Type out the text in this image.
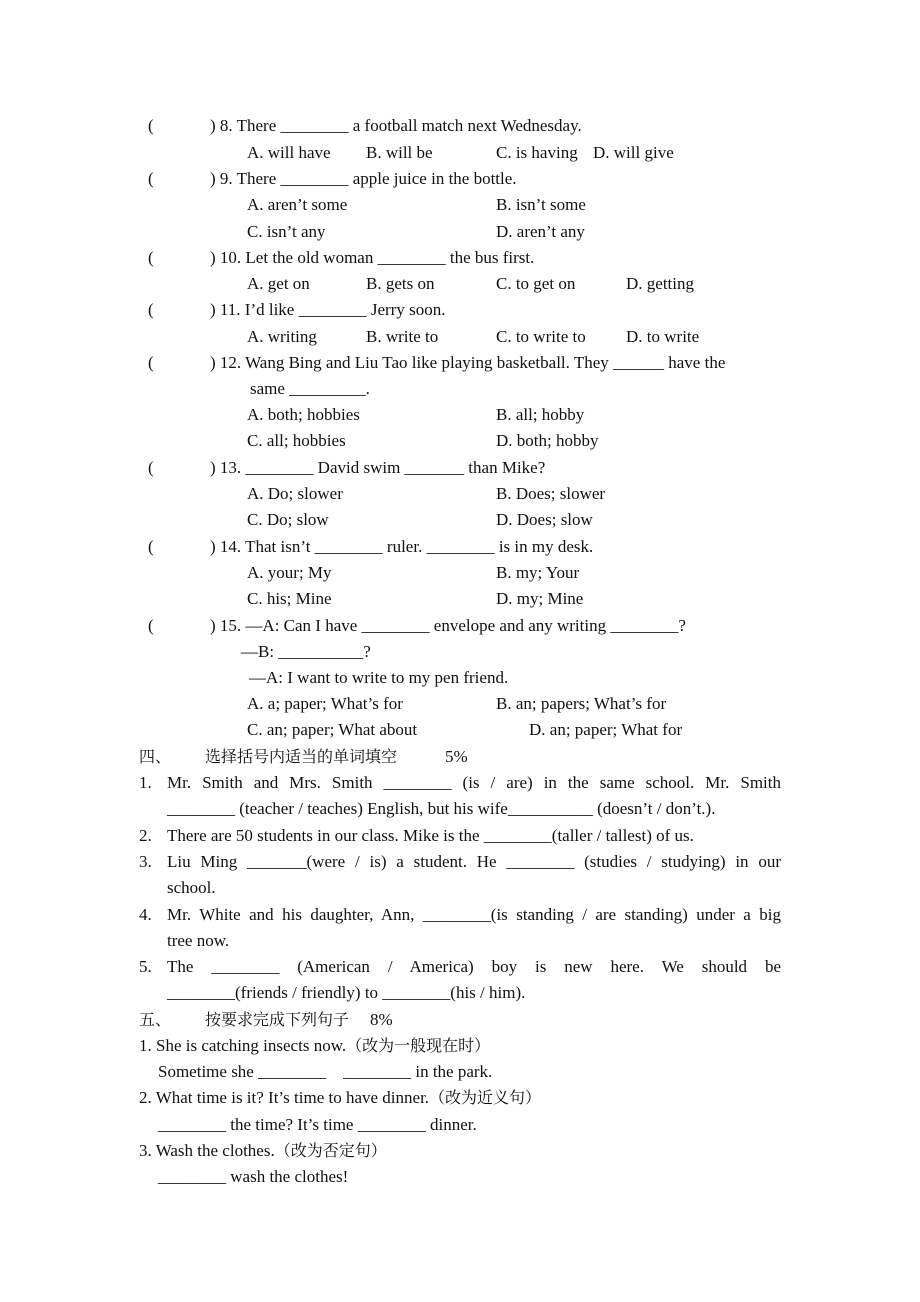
(	) 8. There ________ a football match next Wednesday.
A. will have B. will be	C. is having D. will give
(	) 9. There ________ apple juice in the bottle.
A. aren’t some	B. isn’t some
C. isn’t any	D. aren’t any
(	) 10. Let the old woman ________ the bus first.
A. get on	B. gets on	C. to get on	D. getting
(	) 11. I’d like ________ Jerry soon.
A. writing	B. write to	C. to write to D. to write
(	) 12. Wang Bing and Liu Tao like playing basketball. They ______ have the
same _________.
A. both; hobbies	B. all; hobby
C. all; hobbies	D. both; hobby
(	) 13. ________ David swim _______ than Mike?
A. Do; slower	B. Does; slower
C. Do; slow	D. Does; slow
(	) 14. That isn’t ________ ruler. ________ is in my desk.
A. your; My	B. my; Your
C. his; Mine	D. my; Mine
(	) 15. —A: Can I have ________ envelope and any writing ________?
—B: __________?
—A: I want to write to my pen friend.
A. a; paper; What’s for	B. an; papers; What’s for
C. an; paper; What about	D. an; paper; What for
四、 选择括号内适当的单词填空	5%
1. Mr. Smith and Mrs. Smith ________ (is / are) in the same school. Mr. Smith
________ (teacher / teaches) English, but his wife__________ (doesn’t / don’t.).
2. There are 50 students in our class. Mike is the ________(taller / tallest) of us.
3. Liu Ming _______(were / is) a student. He ________ (studies / studying) in our
school.
4. Mr. White and his daughter, Ann, ________(is standing / are standing) under a big
tree now.
5. The ________ (American / America) boy is new here. We should be
________(friends / friendly) to ________(his / him).
五、 按要求完成下列句子 8%
1. She is catching insects now.（改为一般现在时）
Sometime she ________    ________ in the park.
2. What time is it? It’s time to have dinner.（改为近义句）
________ the time? It’s time ________ dinner.
3. Wash the clothes.（改为否定句）
________ wash the clothes!
